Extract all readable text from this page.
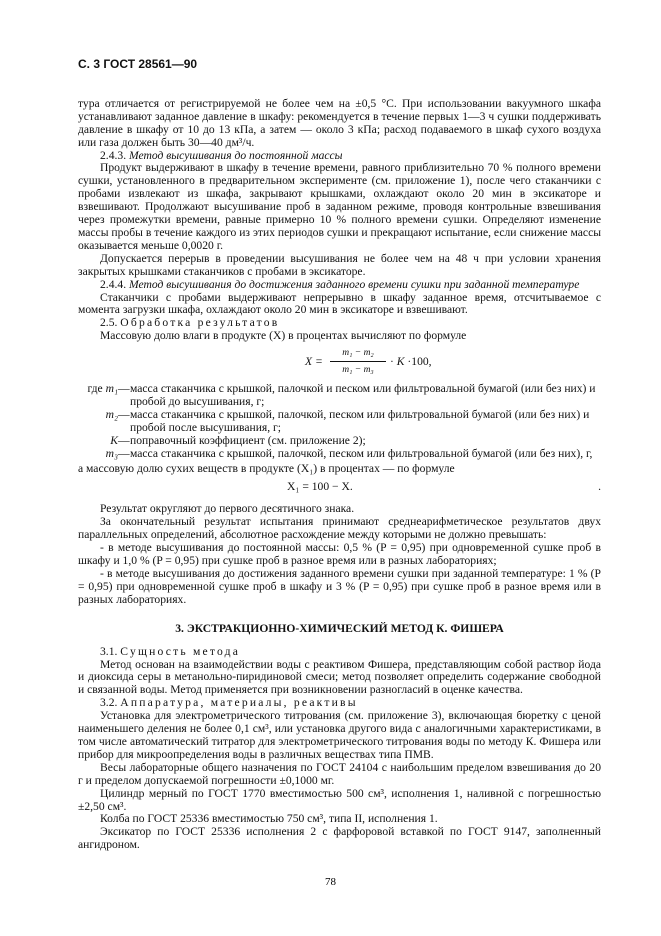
С. 3 ГОСТ 28561—90

тура отличается от регистрируемой не более чем на ±0,5 °С. При использовании вакуумного шкафа устанавливают заданное давление в шкафу: рекомендуется в течение первых 1—3 ч сушки поддерживать давление в шкафу от 10 до 13 кПа, а затем — около 3 кПа; расход подаваемого в шкаф сухого воздуха или газа должен быть 30—40 дм³/ч.

2.4.3. Метод высушивания до постоянной массы

Продукт выдерживают в шкафу в течение времени, равного приблизительно 70 % полного времени сушки, установленного в предварительном эксперименте (см. приложение 1), после чего стаканчики с пробами извлекают из шкафа, закрывают крышками, охлаждают около 20 мин в эксикаторе и взвешивают. Продолжают высушивание проб в заданном режиме, проводя контрольные взвешивания через промежутки времени, равные примерно 10 % полного времени сушки. Определяют изменение массы пробы в течение каждого из этих периодов сушки и прекращают испытание, если снижение массы оказывается меньше 0,0020 г.

Допускается перерыв в проведении высушивания не более чем на 48 ч при условии хранения закрытых крышками стаканчиков с пробами в эксикаторе.

2.4.4. Метод высушивания до достижения заданного времени сушки при заданной температуре

Стаканчики с пробами выдерживают непрерывно в шкафу заданное время, отсчитываемое с момента загрузки шкафа, охлаждают около 20 мин в эксикаторе и взвешивают.

2.5. Обработка результатов

Массовую долю влаги в продукте (X) в процентах вычисляют по формуле

$X = \frac{\text{m₁ − m₂}}{\text{m₁ − m₃}} \cdot K \cdot 100$,
где m₁	—	масса стаканчика с крышкой, палочкой и песком или фильтровальной бумагой (или без них) и пробой до высушивания, г;
m₂	—	масса стаканчика с крышкой, палочкой, песком или фильтровальной бумагой (или без них) и пробой после высушивания, г;
K	—	поправочный коэффициент (см. приложение 2);
m₃	—	масса стаканчика с крышкой, палочкой, песком или фильтровальной бумагой (или без них), г,

а массовую долю сухих веществ в продукте (X₁) в процентах — по формуле

X₁ = 100 − X.	.

Результат округляют до первого десятичного знака.

За окончательный результат испытания принимают среднеарифметическое результатов двух параллельных определений, абсолютное расхождение между которыми не должно превышать:

- в методе высушивания до постоянной массы: 0,5 % (P = 0,95) при одновременной сушке проб в шкафу и 1,0 % (P = 0,95) при сушке проб в разное время или в разных лабораториях;

- в методе высушивания до достижения заданного времени сушки при заданной температуре: 1 % (P = 0,95) при одновременной сушке проб в шкафу и 3 % (P = 0,95) при сушке проб в разное время или в разных лабораториях.

3. ЭКСТРАКЦИОННО-ХИМИЧЕСКИЙ МЕТОД К. ФИШЕРА

3.1. Сущность метода

Метод основан на взаимодействии воды с реактивом Фишера, представляющим собой раствор йода и диоксида серы в метанольно-пиридиновой смеси; метод позволяет определить содержание свободной и связанной воды. Метод применяется при возникновении разногласий в оценке качества.

3.2. Аппаратура, материалы, реактивы

Установка для электрометрического титрования (см. приложение 3), включающая бюретку с ценой наименьшего деления не более 0,1 см³, или установка другого вида с аналогичными характеристиками, в том числе автоматический титратор для электрометрического титрования воды по методу К. Фишера или прибор для микроопределения воды в различных веществах типа ПМВ.

Весы лабораторные общего назначения по ГОСТ 24104 с наибольшим пределом взвешивания до 20 г и пределом допускаемой погрешности ±0,1000 мг.

Цилиндр мерный по ГОСТ 1770 вместимостью 500 см³, исполнения 1, наливной с погрешностью ±2,50 см³.

Колба по ГОСТ 25336 вместимостью 750 см³, типа II, исполнения 1.

Эксикатор по ГОСТ 25336 исполнения 2 с фарфоровой вставкой по ГОСТ 9147, заполненный ангидроном.

78
